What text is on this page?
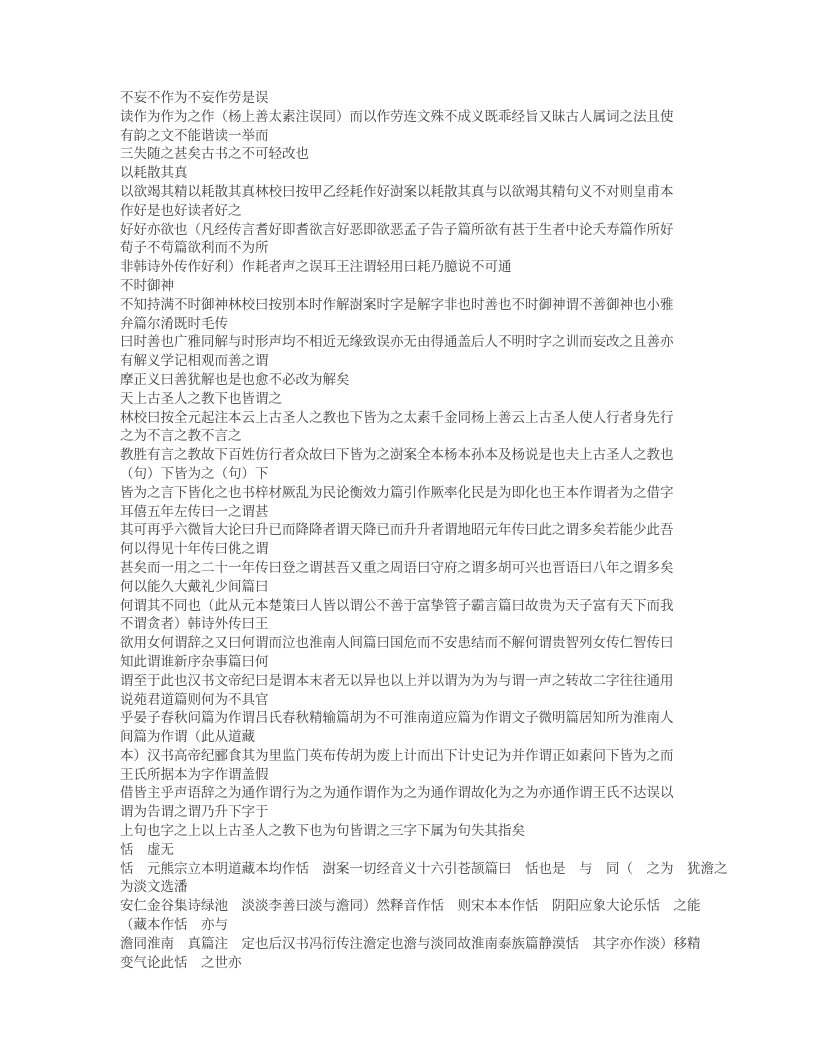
不妄不作为不妄作劳是误
读作为作为之作（杨上善太素注误同）而以作劳连文殊不成义既乖经旨又昧古人属词之法且使
有韵之文不能谐读一举而
三失随之甚矣古书之不可轻改也
以耗散其真
以欲竭其精以耗散其真林校曰按甲乙经耗作好澍案以耗散其真与以欲竭其精句义不对则皇甫本
作好是也好读者好之
好好亦欲也（凡经传言耆好即耆欲言好恶即欲恶孟子告子篇所欲有甚于生者中论夭寿篇作所好
荀子不苟篇欲利而不为所
非韩诗外传作好利）作耗者声之误耳王注谓轻用曰耗乃臆说不可通
不时御神
不知持满不时御神林校曰按别本时作解澍案时字是解字非也时善也不时御神谓不善御神也小雅
弁篇尔淆既时毛传
曰时善也广雅同解与时形声均不相近无缘致误亦无由得通盖后人不明时字之训而妄改之且善亦
有解义学记相观而善之谓
摩正义曰善犹解也是也愈不必改为解矣
天上古圣人之教下也皆谓之
林校曰按全元起注本云上古圣人之教也下皆为之太素千金同杨上善云上古圣人使人行者身先行
之为不言之教不言之
教胜有言之教故下百姓仿行者众故曰下皆为之澍案全本杨本孙本及杨说是也夫上古圣人之教也
（句）下皆为之（句）下
皆为之言下皆化之也书梓材厥乱为民论衡效力篇引作厥率化民是为即化也王本作谓者为之借字
耳僖五年左传曰一之谓甚
其可再乎六微旨大论曰升已而降降者谓天降已而升升者谓地昭元年传曰此之谓多矣若能少此吾
何以得见十年传曰佻之谓
甚矣而一用之二十一年传曰登之谓甚吾又重之周语曰守府之谓多胡可兴也晋语曰八年之谓多矣
何以能久大戴礼少间篇曰
何谓其不同也（此从元本楚策曰人皆以谓公不善于富挚管子霸言篇曰故贵为天子富有天下而我
不谓贪者）韩诗外传曰王
欲用女何谓辞之又曰何谓而泣也淮南人间篇曰国危而不安患结而不解何谓贵智列女传仁智传曰
知此谓谁新序杂事篇曰何
谓至于此也汉书文帝纪曰是谓本末者无以异也以上并以谓为为为与谓一声之转故二字往往通用
说苑君道篇则何为不具官
乎晏子春秋问篇为作谓吕氏春秋精输篇胡为不可淮南道应篇为作谓文子微明篇居知所为淮南人
间篇为作谓（此从道藏
本）汉书高帝纪郦食其为里监门英布传胡为废上计而出下计史记为并作谓正如素问下皆为之而
王氏所据本为字作谓盖假
借皆主乎声语辞之为通作谓行为之为通作谓作为之为通作谓故化为之为亦通作谓王氏不达误以
谓为告谓之谓乃升下字于
上句也字之上以上古圣人之教下也为句皆谓之三字下属为句失其指矣
恬　虚无
恬　元熊宗立本明道藏本均作恬　澍案一切经音义十六引苍颉篇曰　恬也是　与　同（　之为　犹澹之
为淡文选潘
安仁金谷集诗绿池　淡淡李善曰淡与澹同）然释音作恬　则宋本本作恬　阴阳应象大论乐恬　之能
（藏本作恬　亦与
澹同淮南　真篇注　定也后汉书冯衍传注澹定也澹与淡同故淮南泰族篇静漠恬　其字亦作淡）移精
变气论此恬　之世亦
